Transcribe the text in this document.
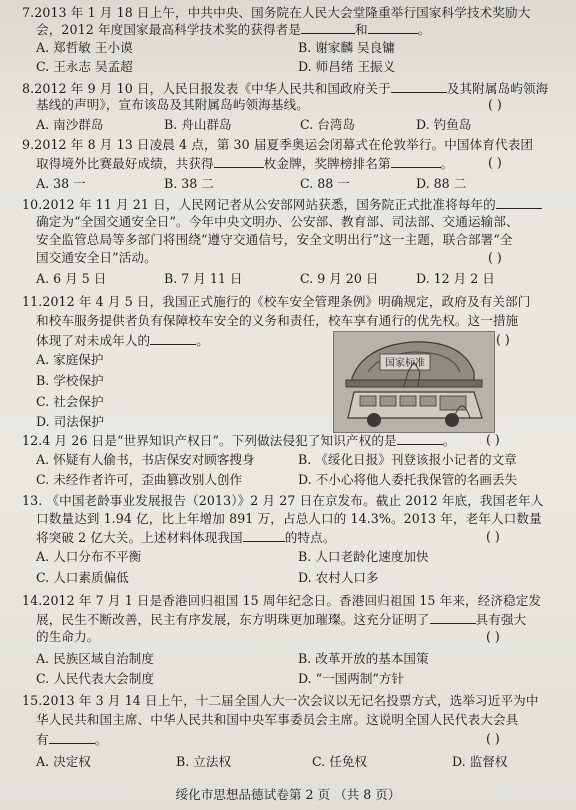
7.2013 年 1 月 18 日上午，中共中央、国务院在人民大会堂隆重举行国家科学技术奖励大
会，2012 年度国家最高科学技术奖的获得者是	和	。
A. 郑哲敏 王小谟	B. 谢家麟 吴良镛
C. 王永志 吴孟超	D. 师昌绪 王振义
8.2012 年 9 月 10 日，人民日报发表《中华人民共和国政府关于	及其附属岛屿领海
基线的声明》，宣布该岛及其附属岛屿领海基线。	( )
A. 南沙群岛	B. 舟山群岛	C. 台湾岛	D. 钓鱼岛
9.2012 年 8 月 13 日凌晨 4 点，第 30 届夏季奥运会闭幕式在伦敦举行。中国体育代表团
取得境外比赛最好成绩，共获得	枚金牌，奖牌榜排名第	。	( )
A. 38 一	B. 38 二	C. 88 一	D. 88 二
10.2012 年 11 月 21 日，人民网记者从公安部网站获悉，国务院正式批准将每年的
确定为“全国交通安全日”。今年中央文明办、公安部、教育部、司法部、交通运输部、
安全监管总局等多部门将围绕“遵守交通信号，安全文明出行”这一主题，联合部署“全
国交通安全日”活动。	( )
A. 6 月 5 日	B. 7 月 11 日	C. 9 月 20 日	D. 12 月 2 日
11.2012 年 4 月 5 日，我国正式施行的《校车安全管理条例》明确规定，政府及有关部门
和校车服务提供者负有保障校车安全的义务和责任，校车享有通行的优先权。这一措施
体现了对未成年人的	。	( )
A. 家庭保护
B. 学校保护
C. 社会保护
D. 司法保护
国家标准
12.4 月 26 日是“世界知识产权日”。下列做法侵犯了知识产权的是	。 ( )
A. 怀疑有人偷书，书店保安对顾客搜身	B. 《绥化日报》刊登该报小记者的文章
C. 未经作者许可，歪曲篡改别人创作	D. 不小心将他人委托我保管的名画丢失
13. 《中国老龄事业发展报告（2013）》2 月 27 日在京发布。截止 2012 年底，我国老年人
口数量达到 1.94 亿，比上年增加 891 万，占总人口的 14.3%。2013 年，老年人口数量
将突破 2 亿大关。上述材料体现我国	的特点。	( )
A. 人口分布不平衡	B. 人口老龄化速度加快
C. 人口素质偏低	D. 农村人口多
14.2012 年 7 月 1 日是香港回归祖国 15 周年纪念日。香港回归祖国 15 年来，经济稳定发
展，民生不断改善，民主有序发展，东方明珠更加璀璨。这充分证明了	具有强大
的生命力。	( )
A. 民族区域自治制度	B. 改革开放的基本国策
C. 人民代表大会制度	D. “一国两制”方针
15.2013 年 3 月 14 日上午，十二届全国人大一次会议以无记名投票方式，选举习近平为中
华人民共和国主席、中华人民共和国中央军事委员会主席。这说明全国人民代表大会具
有	。	( )
A. 决定权	B. 立法权	C. 任免权	D. 监督权
绥化市思想品德试卷第 2 页 （共 8 页）
